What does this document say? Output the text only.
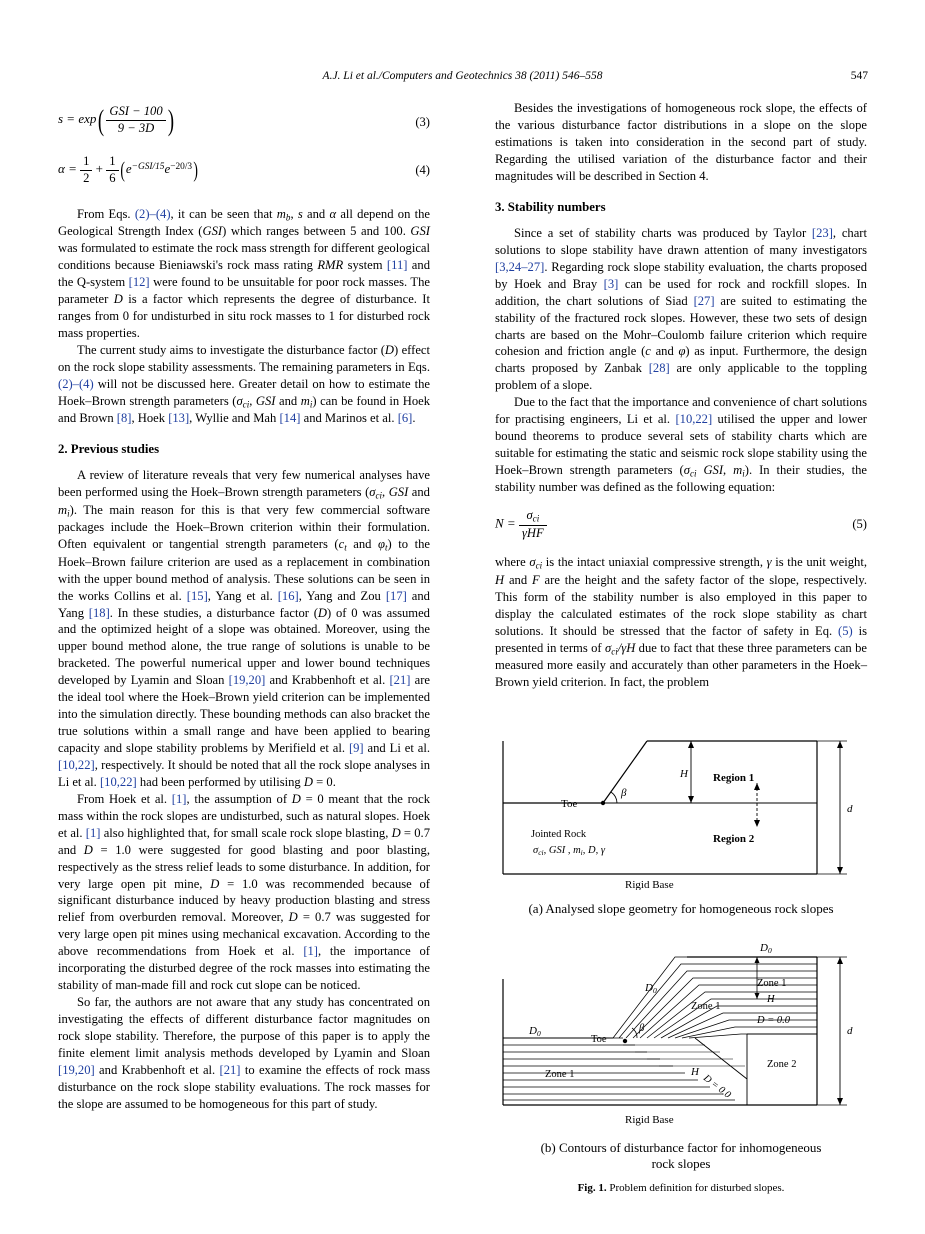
A.J. Li et al./Computers and Geotechnics 38 (2011) 546–558	547
$s = \exp( \frac{\text{GSI − 100}}{9 - 3D}$ )	(3)
$\alpha = \frac{1}{2} + \frac{1}{6} (e^{-GSI/15}e^{-20/3})$	(4)

From Eqs. (2)–(4), it can be seen that $m_b$, s and α all depend on the Geological Strength Index (GSI) which ranges between 5 and 100. GSI was formulated to estimate the rock mass strength for different geological conditions because Bieniawski's rock mass rating RMR system [11] and the Q-system [12] were found to be unsuitable for poor rock masses. The parameter D is a factor which represents the degree of disturbance. It ranges from 0 for undisturbed in situ rock masses to 1 for disturbed rock mass properties.

The current study aims to investigate the disturbance factor (D) effect on the rock slope stability assessments. The remaining parameters in Eqs. (2)–(4) will not be discussed here. Greater detail on how to estimate the Hoek–Brown strength parameters ($\sigma_{ci}$, GSI and $m_i$) can be found in Hoek and Brown [8], Hoek [13], Wyllie and Mah [14] and Marinos et al. [6].

2. Previous studies

A review of literature reveals that very few numerical analyses have been performed using the Hoek–Brown strength parameters ($\sigma_{ci}$, GSI and $m_i$). The main reason for this is that very few commercial software packages include the Hoek–Brown criterion within their formulation. Often equivalent or tangential strength parameters ($c_t$ and $\varphi_t$) to the Hoek–Brown failure criterion are used as a replacement in combination with the upper bound method of analysis. These solutions can be seen in the works Collins et al. [15], Yang et al. [16], Yang and Zou [17] and Yang [18]. In these studies, a disturbance factor (D) of 0 was assumed and the optimized height of a slope was obtained. Moreover, using the upper bound method alone, the true range of solutions is unable to be bracketed. The powerful numerical upper and lower bound techniques developed by Lyamin and Sloan [19,20] and Krabbenhoft et al. [21] are the ideal tool where the Hoek–Brown yield criterion can be implemented into the simulation directly. These bounding methods can also bracket the true solutions within a small range and have been applied to bearing capacity and slope stability problems by Merifield et al. [9] and Li et al. [10,22], respectively. It should be noted that all the rock slope analyses in Li et al. [10,22] had been performed by utilising D = 0.

From Hoek et al. [1], the assumption of D = 0 meant that the rock mass within the rock slopes are undisturbed, such as natural slopes. Hoek et al. [1] also highlighted that, for small scale rock slope blasting, D = 0.7 and D = 1.0 were suggested for good blasting and poor blasting, respectively as the stress relief leads to some disturbance. In addition, for very large open pit mine, D = 1.0 was recommended because of significant disturbance induced by heavy production blasting and stress relief from overburden removal. Moreover, D = 0.7 was suggested for very large open pit mines using mechanical excavation. According to the above recommendations from Hoek et al. [1], the importance of incorporating the disturbed degree of the rock masses into estimating the stability of man-made fill and rock cut slope can be noticed.

So far, the authors are not aware that any study has concentrated on investigating the effects of different disturbance factor magnitudes on rock slope stability. Therefore, the purpose of this paper is to apply the finite element limit analysis methods developed by Lyamin and Sloan [19,20] and Krabbenhoft et al. [21] to examine the effects of rock mass disturbance on the rock slope stability evaluations. The rock masses for the slope are assumed to be homogeneous for this part of study.

Besides the investigations of homogeneous rock slope, the effects of the various disturbance factor distributions in a slope on the slope estimations is taken into consideration in the second part of study. Regarding the utilised variation of the disturbance factor and their magnitudes will be described in Section 4.

3. Stability numbers

Since a set of stability charts was produced by Taylor [23], chart solutions to slope stability have drawn attention of many investigators [3,24–27]. Regarding rock slope stability evaluation, the charts proposed by Hoek and Bray [3] can be used for rock and rockfill slopes. In addition, the chart solutions of Siad [27] are suited to estimating the stability of the fractured rock slopes. However, these two sets of design charts are based on the Mohr–Coulomb failure criterion which require cohesion and friction angle (c and φ) as input. Furthermore, the design charts proposed by Zanbak [28] are only applicable to the toppling problem of a slope.

Due to the fact that the importance and convenience of chart solutions for practising engineers, Li et al. [10,22] utilised the upper and lower bound theorems to produce several sets of stability charts which are suitable for estimating the static and seismic rock slope stability using the Hoek–Brown strength parameters ($\sigma_{ci}$ GSI, $m_i$). In their studies, the stability number was defined as the following equation:

$N = \frac{\sigma_{ci}}{\text{γHF}}$	(5)

where $\sigma_{ci}$ is the intact uniaxial compressive strength, γ is the unit weight, H and F are the height and the safety factor of the slope, respectively. This form of the stability number is also employed in this paper to display the calculated estimates of the rock slope stability as chart solutions. It should be stressed that the factor of safety in Eq. (5) is presented in terms of $\sigma_{ci}/\gamma H$ due to fact that these three parameters can be measured more easily and accurately than other parameters in the Hoek–Brown yield criterion. In fact, the problem

Toe
β
H
d
Region 1
Region 2
Jointed Rock
σci, GSI , mi, D, γ
Rigid Base
(a) Analysed slope geometry for homogeneous rock slopes
D = 0.0
H
D0
D0
D0
Toe
β
Zone 1
H
D = 0.0
Zone 2
Zone 1
Zone 1
d
Rigid Base
(b) Contours of disturbance factor for inhomogeneous
rock slopes
Fig. 1. Problem definition for disturbed slopes.
